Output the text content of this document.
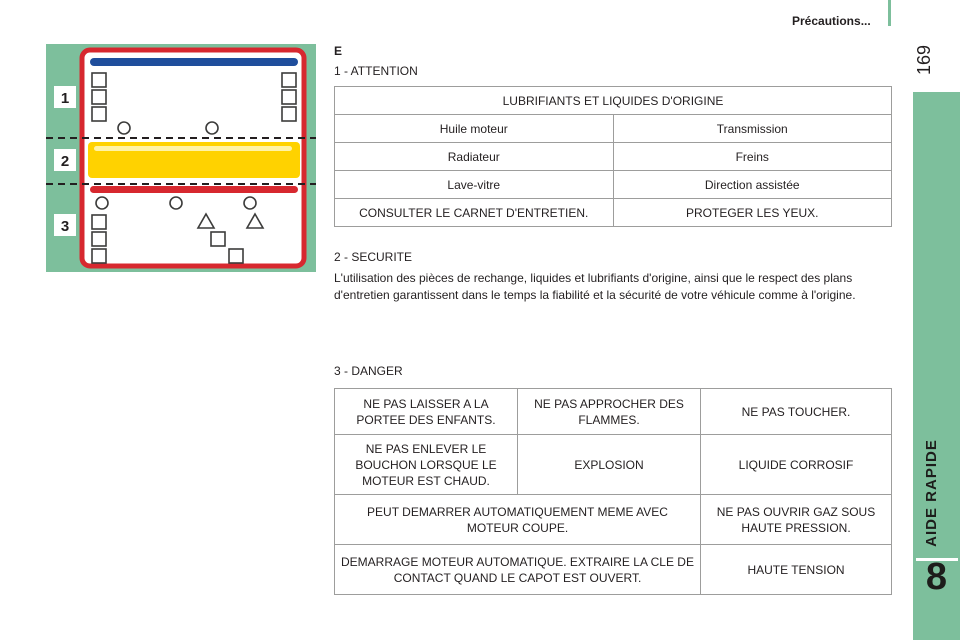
Précautions...
169
AIDE RAPIDE
8
1
2
3
E
1 - ATTENTION
LUBRIFIANTS ET LIQUIDES D'ORIGINE	
Huile moteur	Transmission
Radiateur	Freins
Lave-vitre	Direction assistée
CONSULTER LE CARNET D'ENTRETIEN.	PROTEGER LES YEUX.
2 - SECURITE
L'utilisation des pièces de rechange, liquides et lubrifiants d'origine, ainsi que le respect des plans d'entretien garantissent dans le temps la fiabilité et la sécurité de votre véhicule comme à l'origine.
3 - DANGER
NE PAS LAISSER A LA PORTEE DES ENFANTS.	NE PAS APPROCHER DES FLAMMES.	NE PAS TOUCHER.
NE PAS ENLEVER LE BOUCHON LORSQUE LE MOTEUR EST CHAUD.	EXPLOSION	LIQUIDE CORROSIF
PEUT DEMARRER AUTOMATIQUEMENT MEME AVEC MOTEUR COUPE.		NE PAS OUVRIR GAZ SOUS HAUTE PRESSION.
DEMARRAGE MOTEUR AUTOMATIQUE. EXTRAIRE LA CLE DE CONTACT QUAND LE CAPOT EST OUVERT.		HAUTE TENSION
